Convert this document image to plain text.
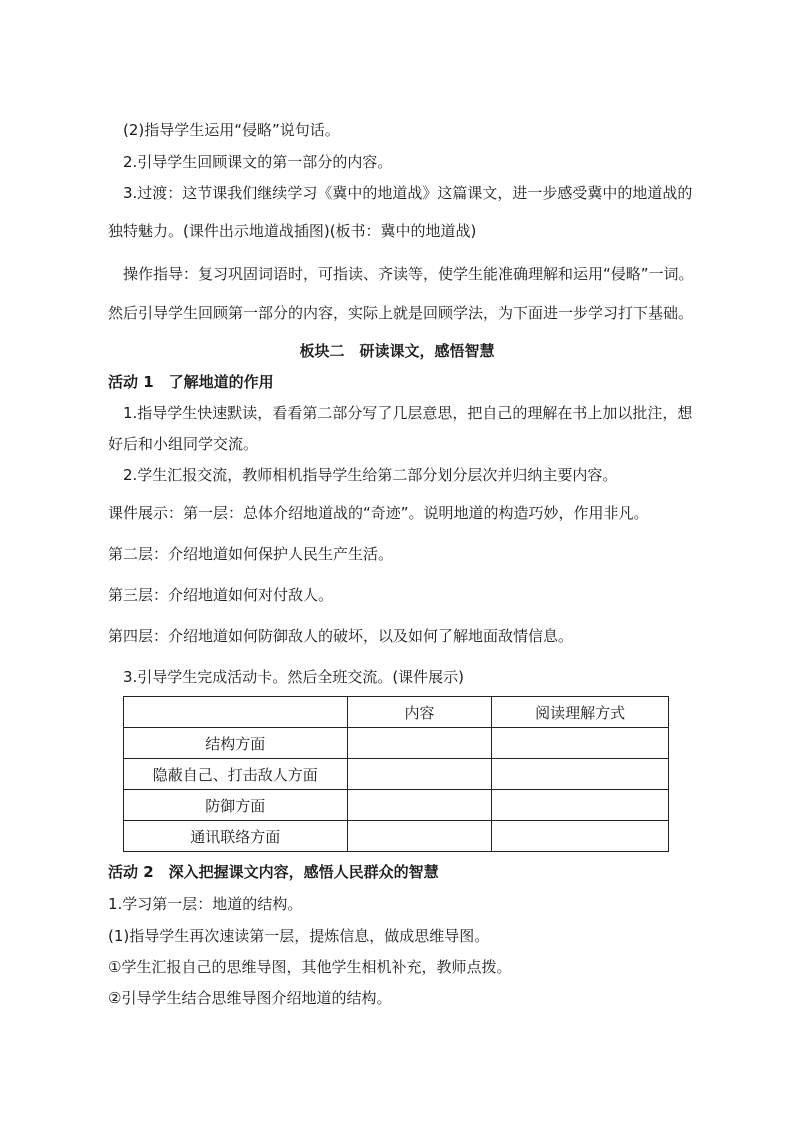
(2)指导学生运用“侵略”说句话。
2.引导学生回顾课文的第一部分的内容。
3.过渡：这节课我们继续学习《冀中的地道战》这篇课文，进一步感受冀中的地道战的
独特魅力。(课件出示地道战插图)(板书：冀中的地道战)
操作指导：复习巩固词语时，可指读、齐读等，使学生能准确理解和运用“侵略”一词。
然后引导学生回顾第一部分的内容，实际上就是回顾学法，为下面进一步学习打下基础。
板块二　研读课文，感悟智慧
活动 1　了解地道的作用
1.指导学生快速默读，看看第二部分写了几层意思，把自己的理解在书上加以批注，想
好后和小组同学交流。
2.学生汇报交流，教师相机指导学生给第二部分划分层次并归纳主要内容。
课件展示：第一层：总体介绍地道战的“奇迹”。说明地道的构造巧妙，作用非凡。
第二层：介绍地道如何保护人民生产生活。
第三层：介绍地道如何对付敌人。
第四层：介绍地道如何防御敌人的破坏，以及如何了解地面敌情信息。
3.引导学生完成活动卡。然后全班交流。(课件展示)
	内容	阅读理解方式
结构方面		
隐蔽自己、打击敌人方面		
防御方面		
通讯联络方面		
活动 2　深入把握课文内容，感悟人民群众的智慧
1.学习第一层：地道的结构。
(1)指导学生再次速读第一层，提炼信息，做成思维导图。
①学生汇报自己的思维导图，其他学生相机补充，教师点拨。
②引导学生结合思维导图介绍地道的结构。
